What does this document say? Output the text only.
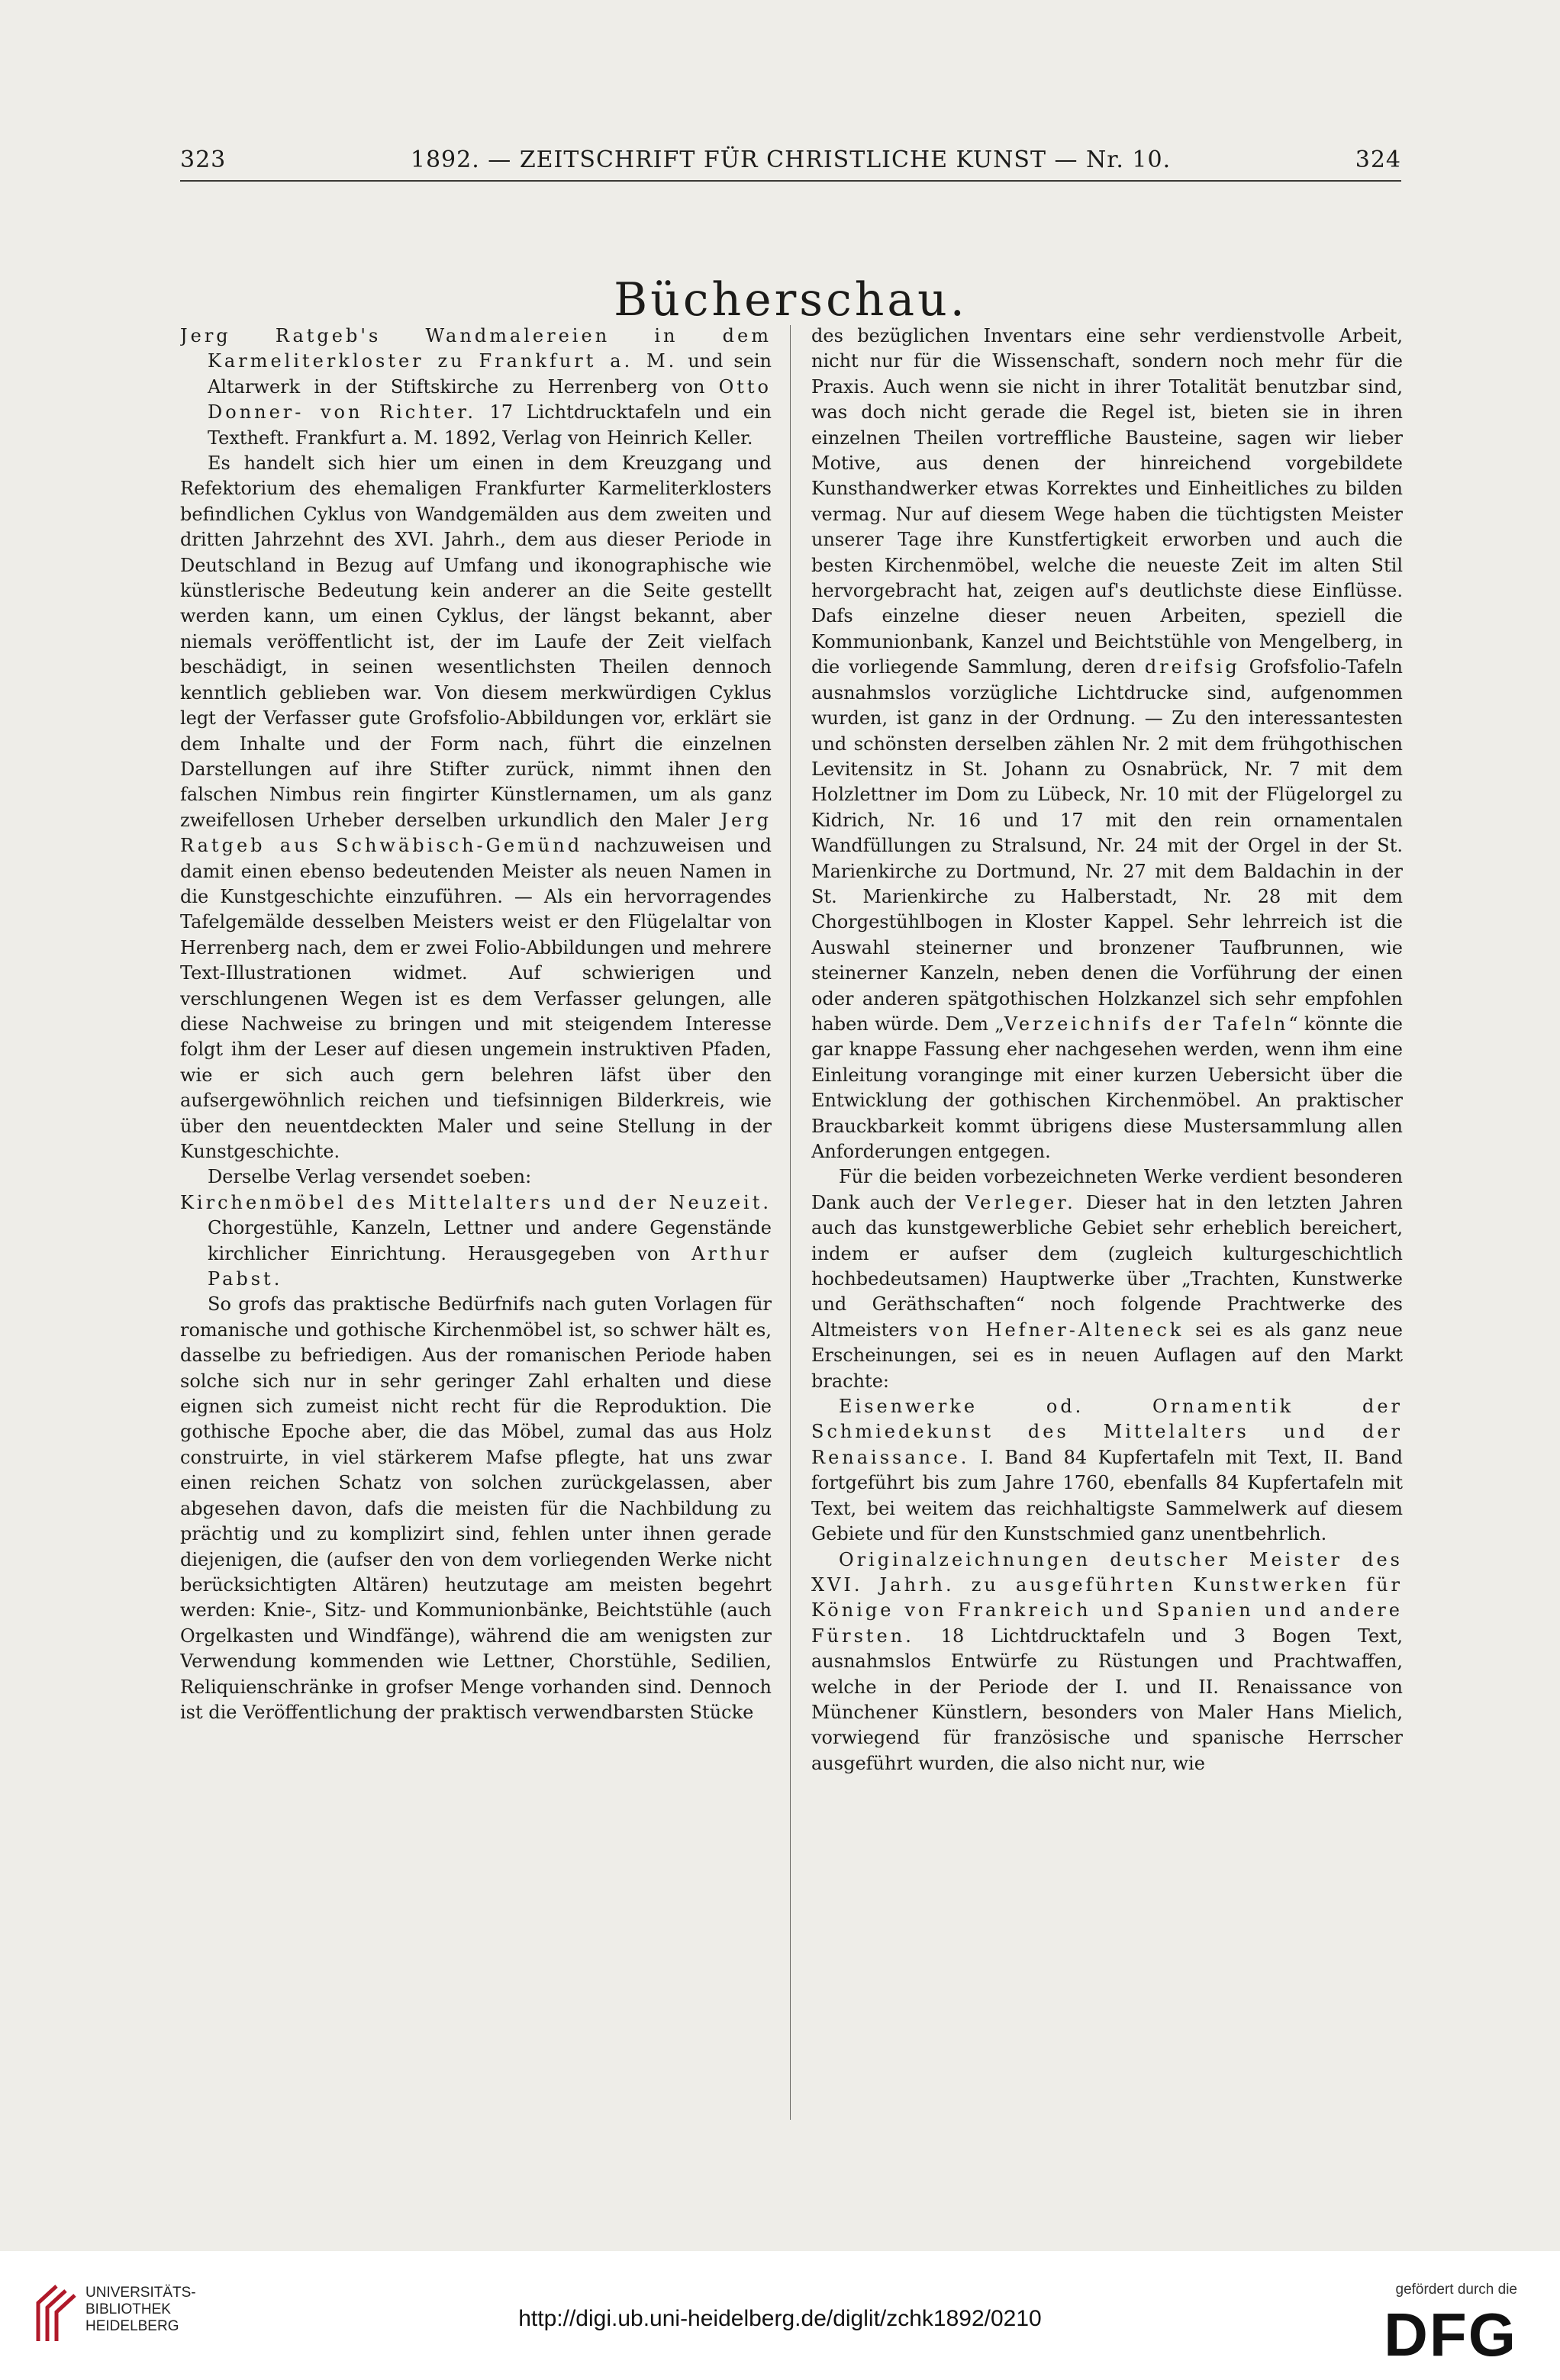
323	1892. — ZEITSCHRIFT FÜR CHRISTLICHE KUNST — Nr. 10.	324
Bücherschau.

Jerg Ratgeb's Wandmalereien in dem Karmeliterkloster zu Frankfurt a. M. und sein Altarwerk in der Stiftskirche zu Herrenberg von Otto Donner- von Richter. 17 Lichtdrucktafeln und ein Textheft. Frankfurt a. M. 1892, Verlag von Heinrich Keller.

Es handelt sich hier um einen in dem Kreuzgang und Refektorium des ehemaligen Frankfurter Karmeliterklosters befindlichen Cyklus von Wandgemälden aus dem zweiten und dritten Jahrzehnt des XVI. Jahrh., dem aus dieser Periode in Deutschland in Bezug auf Umfang und ikonographische wie künstlerische Bedeutung kein anderer an die Seite gestellt werden kann, um einen Cyklus, der längst bekannt, aber niemals veröffentlicht ist, der im Laufe der Zeit vielfach beschädigt, in seinen wesentlichsten Theilen dennoch kenntlich geblieben war. Von diesem merkwürdigen Cyklus legt der Verfasser gute Grofsfolio-Abbildungen vor, erklärt sie dem Inhalte und der Form nach, führt die einzelnen Darstellungen auf ihre Stifter zurück, nimmt ihnen den falschen Nimbus rein fingirter Künstlernamen, um als ganz zweifellosen Urheber derselben urkundlich den Maler Jerg Ratgeb aus Schwäbisch-Gemünd nachzuweisen und damit einen ebenso bedeutenden Meister als neuen Namen in die Kunstgeschichte einzuführen. — Als ein hervorragendes Tafelgemälde desselben Meisters weist er den Flügelaltar von Herrenberg nach, dem er zwei Folio-Abbildungen und mehrere Text-Illustrationen widmet. Auf schwierigen und verschlungenen Wegen ist es dem Verfasser gelungen, alle diese Nachweise zu bringen und mit steigendem Interesse folgt ihm der Leser auf diesen ungemein instruktiven Pfaden, wie er sich auch gern belehren läfst über den aufsergewöhnlich reichen und tiefsinnigen Bilderkreis, wie über den neuentdeckten Maler und seine Stellung in der Kunstgeschichte.

Derselbe Verlag versendet soeben:

Kirchenmöbel des Mittelalters und der Neuzeit. Chorgestühle, Kanzeln, Lettner und andere Gegenstände kirchlicher Einrichtung. Herausgegeben von Arthur Pabst.

So grofs das praktische Bedürfnifs nach guten Vorlagen für romanische und gothische Kirchenmöbel ist, so schwer hält es, dasselbe zu befriedigen. Aus der romanischen Periode haben solche sich nur in sehr geringer Zahl erhalten und diese eignen sich zumeist nicht recht für die Reproduktion. Die gothische Epoche aber, die das Möbel, zumal das aus Holz construirte, in viel stärkerem Mafse pflegte, hat uns zwar einen reichen Schatz von solchen zurückgelassen, aber abgesehen davon, dafs die meisten für die Nachbildung zu prächtig und zu komplizirt sind, fehlen unter ihnen gerade diejenigen, die (aufser den von dem vorliegenden Werke nicht berücksichtigten Altären) heutzutage am meisten begehrt werden: Knie-, Sitz- und Kommunionbänke, Beichtstühle (auch Orgelkasten und Windfänge), während die am wenigsten zur Verwendung kommenden wie Lettner, Chorstühle, Sedilien, Reliquienschränke in grofser Menge vorhanden sind. Dennoch ist die Veröffentlichung der praktisch verwendbarsten Stücke

des bezüglichen Inventars eine sehr verdienstvolle Arbeit, nicht nur für die Wissenschaft, sondern noch mehr für die Praxis. Auch wenn sie nicht in ihrer Totalität benutzbar sind, was doch nicht gerade die Regel ist, bieten sie in ihren einzelnen Theilen vortreffliche Bausteine, sagen wir lieber Motive, aus denen der hinreichend vorgebildete Kunsthandwerker etwas Korrektes und Einheitliches zu bilden vermag. Nur auf diesem Wege haben die tüchtigsten Meister unserer Tage ihre Kunstfertigkeit erworben und auch die besten Kirchenmöbel, welche die neueste Zeit im alten Stil hervorgebracht hat, zeigen auf's deutlichste diese Einflüsse. Dafs einzelne dieser neuen Arbeiten, speziell die Kommunionbank, Kanzel und Beichtstühle von Mengelberg, in die vorliegende Sammlung, deren dreifsig Grofsfolio-Tafeln ausnahmslos vorzügliche Lichtdrucke sind, aufgenommen wurden, ist ganz in der Ordnung. — Zu den interessantesten und schönsten derselben zählen Nr. 2 mit dem frühgothischen Levitensitz in St. Johann zu Osnabrück, Nr. 7 mit dem Holzlettner im Dom zu Lübeck, Nr. 10 mit der Flügelorgel zu Kidrich, Nr. 16 und 17 mit den rein ornamentalen Wandfüllungen zu Stralsund, Nr. 24 mit der Orgel in der St. Marienkirche zu Dortmund, Nr. 27 mit dem Baldachin in der St. Marienkirche zu Halberstadt, Nr. 28 mit dem Chorgestühlbogen in Kloster Kappel. Sehr lehrreich ist die Auswahl steinerner und bronzener Taufbrunnen, wie steinerner Kanzeln, neben denen die Vorführung der einen oder anderen spätgothischen Holzkanzel sich sehr empfohlen haben würde. Dem „Verzeichnifs der Tafeln“ könnte die gar knappe Fassung eher nachgesehen werden, wenn ihm eine Einleitung voranginge mit einer kurzen Uebersicht über die Entwicklung der gothischen Kirchenmöbel. An praktischer Brauckbarkeit kommt übrigens diese Mustersammlung allen Anforderungen entgegen.

Für die beiden vorbezeichneten Werke verdient besonderen Dank auch der Verleger. Dieser hat in den letzten Jahren auch das kunstgewerbliche Gebiet sehr erheblich bereichert, indem er aufser dem (zugleich kulturgeschichtlich hochbedeutsamen) Hauptwerke über „Trachten, Kunstwerke und Geräthschaften“ noch folgende Prachtwerke des Altmeisters von Hefner-Alteneck sei es als ganz neue Erscheinungen, sei es in neuen Auflagen auf den Markt brachte:

Eisenwerke od. Ornamentik der Schmiedekunst des Mittelalters und der Renaissance. I. Band 84 Kupfertafeln mit Text, II. Band fortgeführt bis zum Jahre 1760, ebenfalls 84 Kupfertafeln mit Text, bei weitem das reichhaltigste Sammelwerk auf diesem Gebiete und für den Kunstschmied ganz unentbehrlich.

Originalzeichnungen deutscher Meister des XVI. Jahrh. zu ausgeführten Kunstwerken für Könige von Frankreich und Spanien und andere Fürsten. 18 Lichtdrucktafeln und 3 Bogen Text, ausnahmslos Entwürfe zu Rüstungen und Prachtwaffen, welche in der Periode der I. und II. Renaissance von Münchener Künstlern, besonders von Maler Hans Mielich, vorwiegend für französische und spanische Herrscher ausgeführt wurden, die also nicht nur, wie

UNIVERSITÄTS-
BIBLIOTHEK
HEIDELBERG	http://digi.ub.uni-heidelberg.de/diglit/zchk1892/0210
gefördert durch die
DFG
